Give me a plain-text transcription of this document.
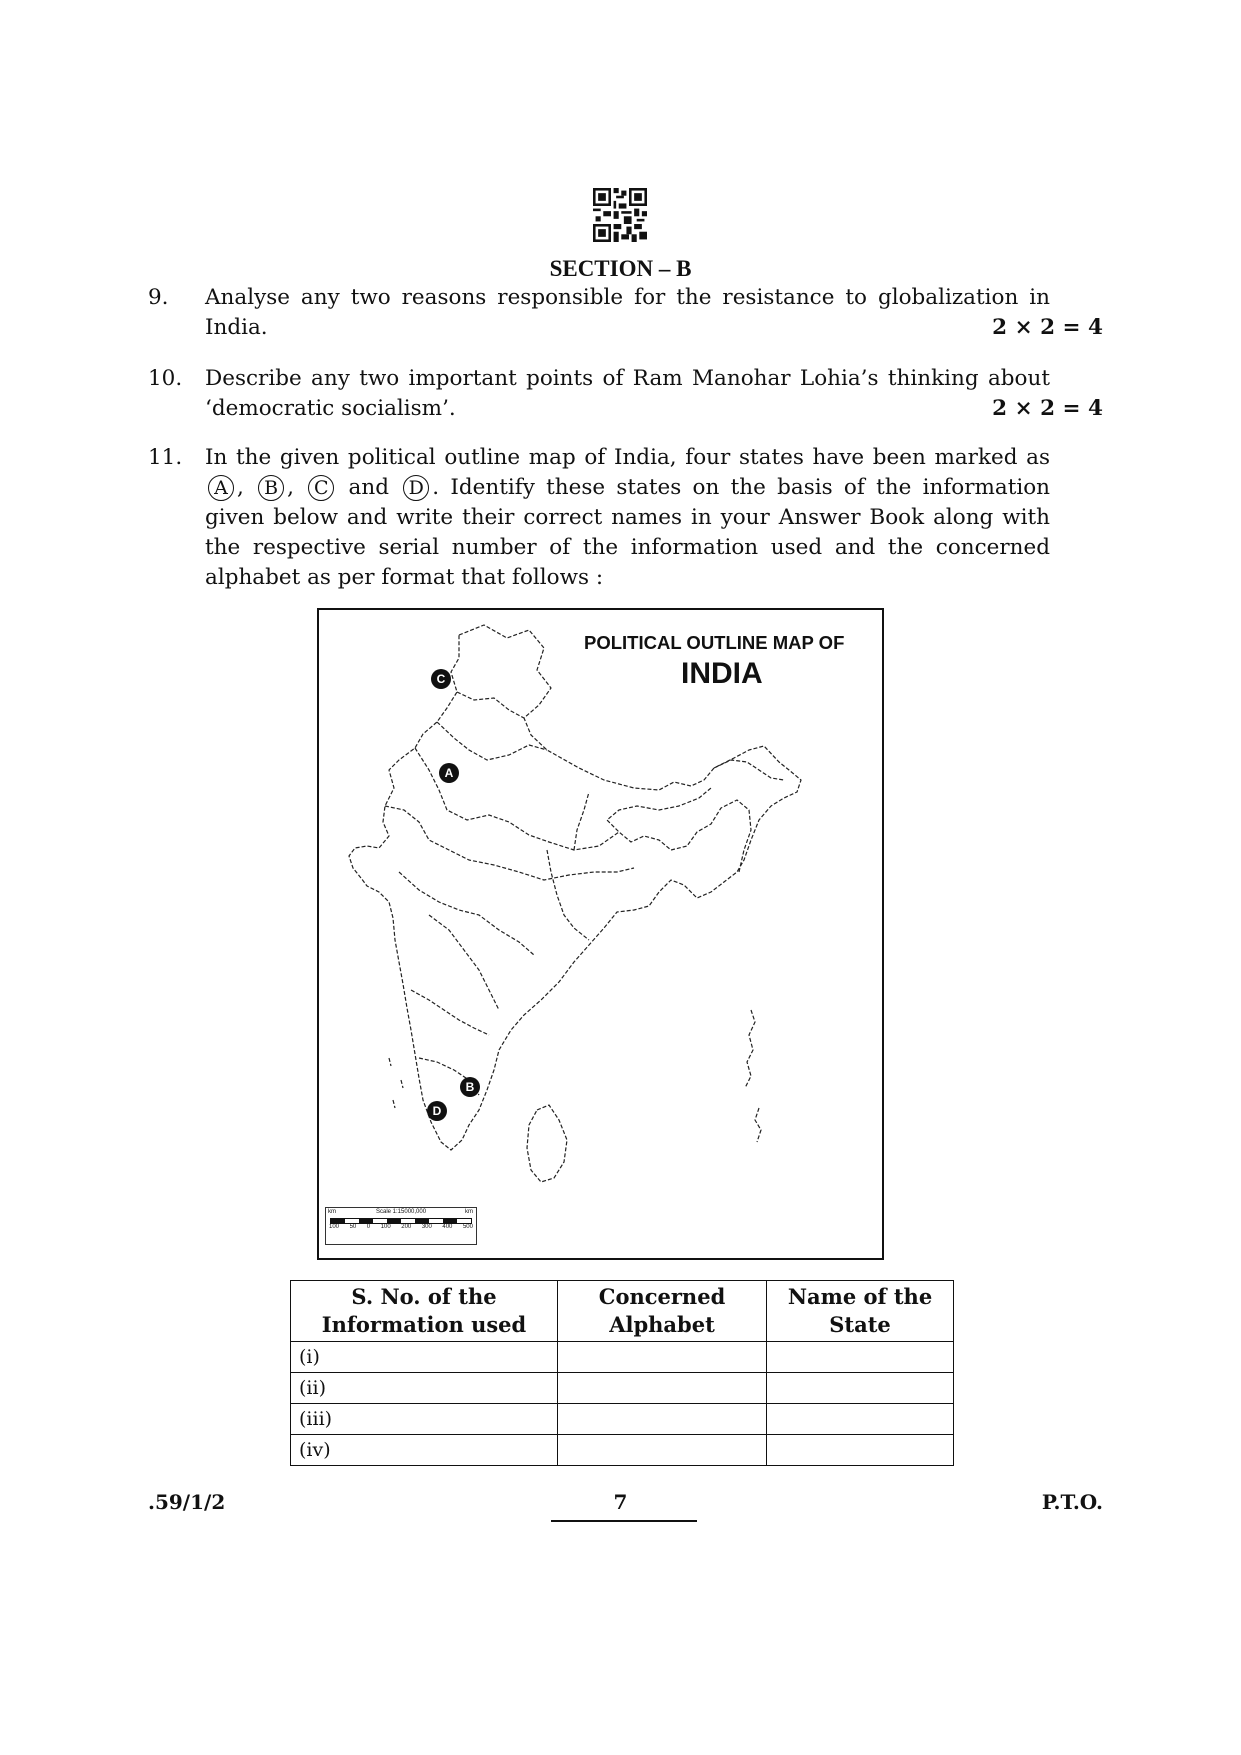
SECTION – B
9. Analyse any two reasons responsible for the resistance to globalization in India.	2 × 2 = 4
10. Describe any two important points of Ram Manohar Lohia’s thinking about ‘democratic socialism’.	2 × 2 = 4
11. In the given political outline map of India, four states have been marked as A , B , C and D . Identify these states on the basis of the information given below and write their correct names in your Answer Book along with the respective serial number of the information used and the concerned alphabet as per format that follows :
POLITICAL OUTLINE MAP OF
INDIA
C
A
B
D
km	Scale 1:15000,000	km
100 50 0 100 200 300 400 500
S. No. of the Information used	Concerned Alphabet	Name of the State
(i)		
(ii)		
(iii)		
(iv)		
.59/1/2	7	P.T.O.
